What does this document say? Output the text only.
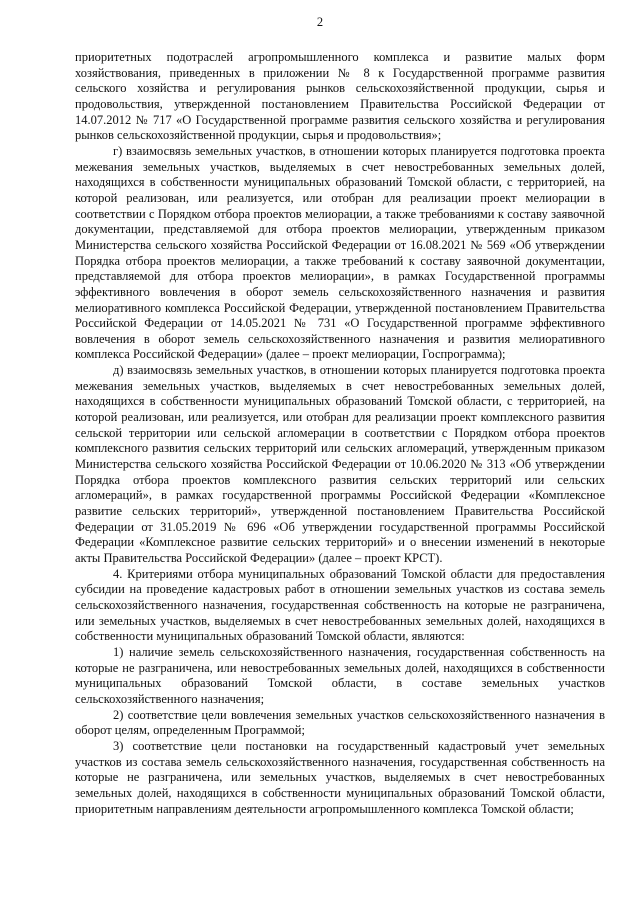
2

приоритетных подотраслей агропромышленного комплекса и развитие малых форм хозяйствования, приведенных в приложении № 8 к Государственной программе развития сельского хозяйства и регулирования рынков сельскохозяйственной продукции, сырья и продовольствия, утвержденной постановлением Правительства Российской Федерации от 14.07.2012 № 717 «О Государственной программе развития сельского хозяйства и регулирования рынков сельскохозяйственной продукции, сырья и продовольствия»;

г) взаимосвязь земельных участков, в отношении которых планируется подготовка проекта межевания земельных участков, выделяемых в счет невостребованных земельных долей, находящихся в собственности муниципальных образований Томской области, с территорией, на которой реализован, или реализуется, или отобран для реализации проект мелиорации в соответствии с Порядком отбора проектов мелиорации, а также требованиями к составу заявочной документации, представляемой для отбора проектов мелиорации, утвержденным приказом Министерства сельского хозяйства Российской Федерации от 16.08.2021 № 569 «Об утверждении Порядка отбора проектов мелиорации, а также требований к составу заявочной документации, представляемой для отбора проектов мелиорации», в рамках Государственной программы эффективного вовлечения в оборот земель сельскохозяйственного назначения и развития мелиоративного комплекса Российской Федерации, утвержденной постановлением Правительства Российской Федерации от 14.05.2021 № 731 «О Государственной программе эффективного вовлечения в оборот земель сельскохозяйственного назначения и развития мелиоративного комплекса Российской Федерации» (далее – проект мелиорации, Госпрограмма);

д) взаимосвязь земельных участков, в отношении которых планируется подготовка проекта межевания земельных участков, выделяемых в счет невостребованных земельных долей, находящихся в собственности муниципальных образований Томской области, с территорией, на которой реализован, или реализуется, или отобран для реализации проект комплексного развития сельской территории или сельской агломерации в соответствии с Порядком отбора проектов комплексного развития сельских территорий или сельских агломераций, утвержденным приказом Министерства сельского хозяйства Российской Федерации от 10.06.2020 № 313 «Об утверждении Порядка отбора проектов комплексного развития сельских территорий или сельских агломераций», в рамках государственной программы Российской Федерации «Комплексное развитие сельских территорий», утвержденной постановлением Правительства Российской Федерации от 31.05.2019 № 696 «Об утверждении государственной программы Российской Федерации «Комплексное развитие сельских территорий» и о внесении изменений в некоторые акты Правительства Российской Федерации» (далее – проект КРСТ).

4. Критериями отбора муниципальных образований Томской области для предоставления субсидии на проведение кадастровых работ в отношении земельных участков из состава земель сельскохозяйственного назначения, государственная собственность на которые не разграничена, или земельных участков, выделяемых в счет невостребованных земельных долей, находящихся в собственности муниципальных образований Томской области, являются:

1) наличие земель сельскохозяйственного назначения, государственная собственность на которые не разграничена, или невостребованных земельных долей, находящихся в собственности муниципальных образований Томской области, в составе земельных участков сельскохозяйственного назначения;

2) соответствие цели вовлечения земельных участков сельскохозяйственного назначения в оборот целям, определенным Программой;

3) соответствие цели постановки на государственный кадастровый учет земельных участков из состава земель сельскохозяйственного назначения, государственная собственность на которые не разграничена, или земельных участков, выделяемых в счет невостребованных земельных долей, находящихся в собственности муниципальных образований Томской области, приоритетным направлениям деятельности агропромышленного комплекса Томской области;
